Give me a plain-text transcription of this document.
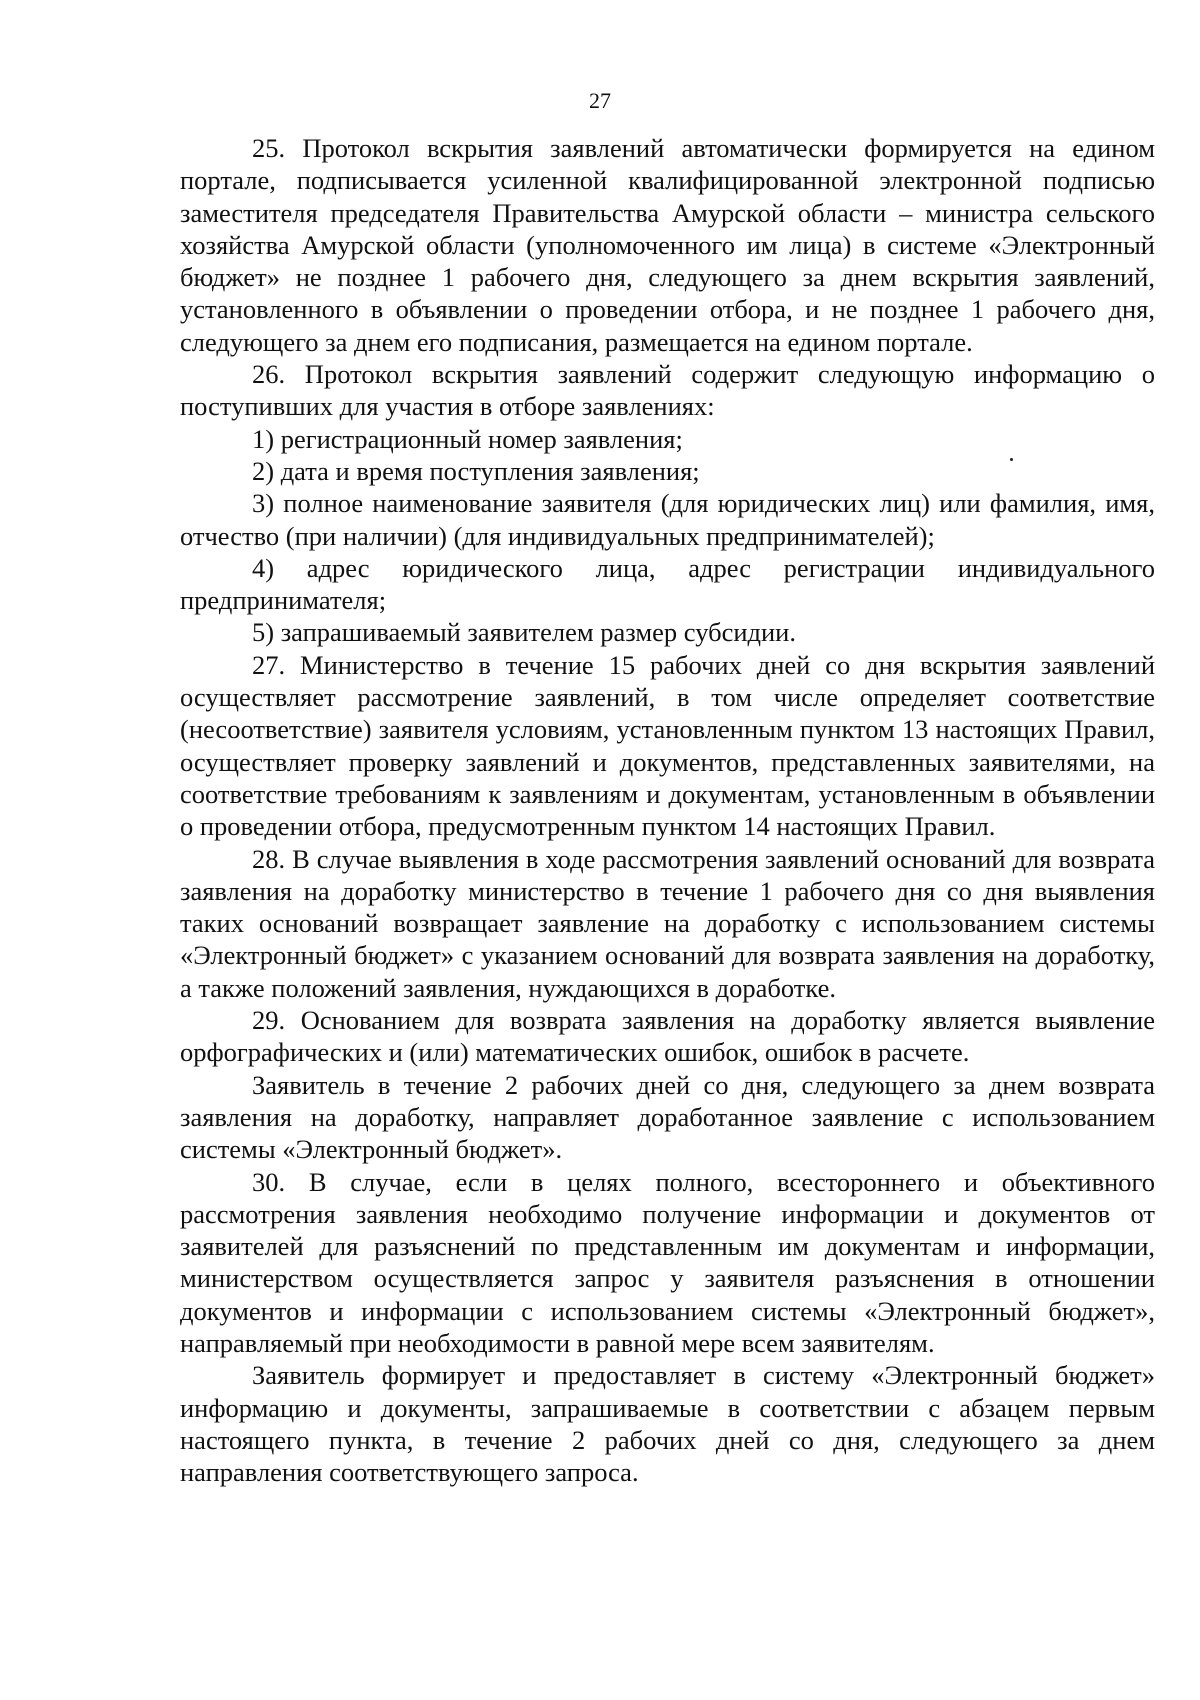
27

25. Протокол вскрытия заявлений автоматически формируется на едином портале, подписывается усиленной квалифицированной электронной подписью заместителя председателя Правительства Амурской области – министра сельского хозяйства Амурской области (уполномоченного им лица) в системе «Электронный бюджет» не позднее 1 рабочего дня, следующего за днем вскрытия заявлений, установленного в объявлении о проведении отбора, и не позднее 1 рабочего дня, следующего за днем его подписания, размещается на едином портале.

26. Протокол вскрытия заявлений содержит следующую информацию о поступивших для участия в отборе заявлениях:

1) регистрационный номер заявления;

2) дата и время поступления заявления;

3) полное наименование заявителя (для юридических лиц) или фамилия, имя, отчество (при наличии) (для индивидуальных предпринимателей);

4) адрес юридического лица, адрес регистрации индивидуального предпринимателя;

5) запрашиваемый заявителем размер субсидии.

27. Министерство в течение 15 рабочих дней со дня вскрытия заявлений осуществляет рассмотрение заявлений, в том числе определяет соответствие (несоответствие) заявителя условиям, установленным пунктом 13 настоящих Правил, осуществляет проверку заявлений и документов, представленных заявителями, на соответствие требованиям к заявлениям и документам, установленным в объявлении о проведении отбора, предусмотренным пунктом 14 настоящих Правил.

28. В случае выявления в ходе рассмотрения заявлений оснований для возврата заявления на доработку министерство в течение 1 рабочего дня со дня выявления таких оснований возвращает заявление на доработку с использованием системы «Электронный бюджет» с указанием оснований для возврата заявления на доработку, а также положений заявления, нуждающихся в доработке.

29. Основанием для возврата заявления на доработку является выявление орфографических и (или) математических ошибок, ошибок в расчете.

Заявитель в течение 2 рабочих дней со дня, следующего за днем возврата заявления на доработку, направляет доработанное заявление с использованием системы «Электронный бюджет».

30. В случае, если в целях полного, всестороннего и объективного рассмотрения заявления необходимо получение информации и документов от заявителей для разъяснений по представленным им документам и информации, министерством осуществляется запрос у заявителя разъяснения в отношении документов и информации с использованием системы «Электронный бюджет», направляемый при необходимости в равной мере всем заявителям.

Заявитель формирует и предоставляет в систему «Электронный бюджет» информацию и документы, запрашиваемые в соответствии с абзацем первым настоящего пункта, в течение 2 рабочих дней со дня, следующего за днем направления соответствующего запроса.
